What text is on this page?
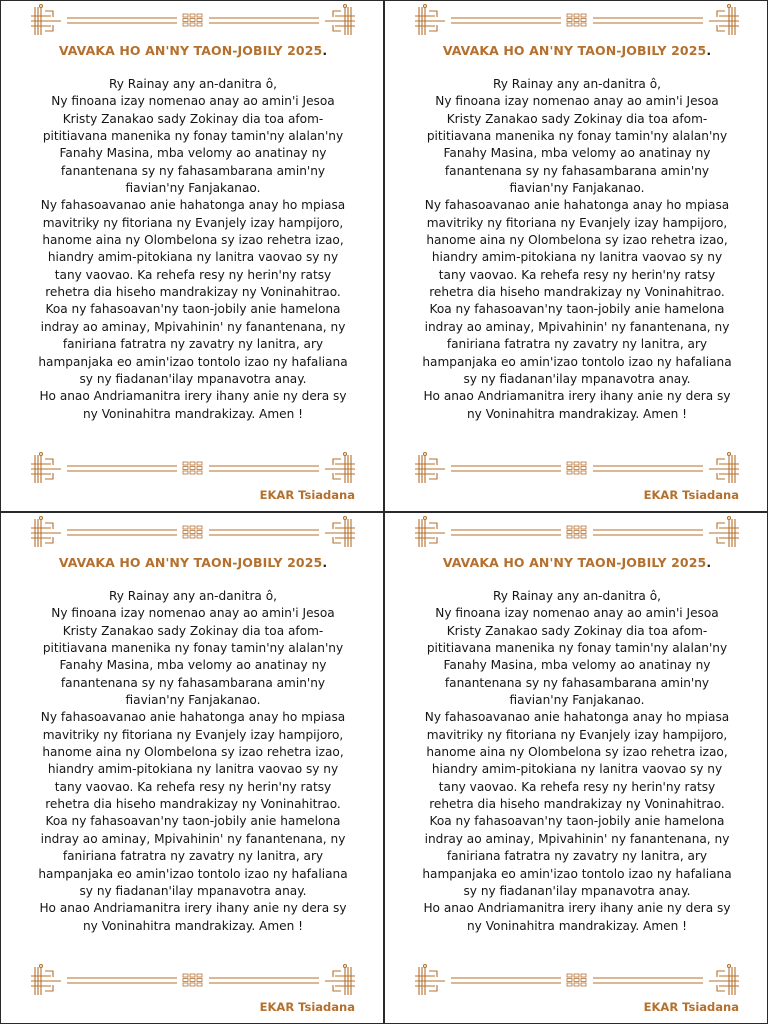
VAVAKA HO AN'NY TAON-JOBILY 2025.
Ry Rainay any an-danitra ô,
Ny finoana izay nomenao anay ao amin'i Jesoa
Kristy Zanakao sady Zokinay dia toa afom-
pititiavana manenika ny fonay tamin'ny alalan'ny
Fanahy Masina, mba velomy ao anatinay ny
fanantenana sy ny fahasambarana amin'ny
fiavian'ny Fanjakanao.
Ny fahasoavanao anie hahatonga anay ho mpiasa
mavitriky ny fitoriana ny Evanjely izay hampijoro,
hanome aina ny Olombelona sy izao rehetra izao,
hiandry amim-pitokiana ny lanitra vaovao sy ny
tany vaovao. Ka rehefa resy ny herin'ny ratsy
rehetra dia hiseho mandrakizay ny Voninahitrao.
Koa ny fahasoavan'ny taon-jobily anie hamelona
indray ao aminay, Mpivahinin' ny fanantenana, ny
faniriana fatratra ny zavatry ny lanitra, ary
hampanjaka eo amin'izao tontolo izao ny hafaliana
sy ny fiadanan'ilay mpanavotra anay.
Ho anao Andriamanitra irery ihany anie ny dera sy
ny Voninahitra mandrakizay. Amen !
EKAR Tsiadana
VAVAKA HO AN'NY TAON-JOBILY 2025.
Ry Rainay any an-danitra ô,
Ny finoana izay nomenao anay ao amin'i Jesoa
Kristy Zanakao sady Zokinay dia toa afom-
pititiavana manenika ny fonay tamin'ny alalan'ny
Fanahy Masina, mba velomy ao anatinay ny
fanantenana sy ny fahasambarana amin'ny
fiavian'ny Fanjakanao.
Ny fahasoavanao anie hahatonga anay ho mpiasa
mavitriky ny fitoriana ny Evanjely izay hampijoro,
hanome aina ny Olombelona sy izao rehetra izao,
hiandry amim-pitokiana ny lanitra vaovao sy ny
tany vaovao. Ka rehefa resy ny herin'ny ratsy
rehetra dia hiseho mandrakizay ny Voninahitrao.
Koa ny fahasoavan'ny taon-jobily anie hamelona
indray ao aminay, Mpivahinin' ny fanantenana, ny
faniriana fatratra ny zavatry ny lanitra, ary
hampanjaka eo amin'izao tontolo izao ny hafaliana
sy ny fiadanan'ilay mpanavotra anay.
Ho anao Andriamanitra irery ihany anie ny dera sy
ny Voninahitra mandrakizay. Amen !
EKAR Tsiadana
VAVAKA HO AN'NY TAON-JOBILY 2025.
Ry Rainay any an-danitra ô,
Ny finoana izay nomenao anay ao amin'i Jesoa
Kristy Zanakao sady Zokinay dia toa afom-
pititiavana manenika ny fonay tamin'ny alalan'ny
Fanahy Masina, mba velomy ao anatinay ny
fanantenana sy ny fahasambarana amin'ny
fiavian'ny Fanjakanao.
Ny fahasoavanao anie hahatonga anay ho mpiasa
mavitriky ny fitoriana ny Evanjely izay hampijoro,
hanome aina ny Olombelona sy izao rehetra izao,
hiandry amim-pitokiana ny lanitra vaovao sy ny
tany vaovao. Ka rehefa resy ny herin'ny ratsy
rehetra dia hiseho mandrakizay ny Voninahitrao.
Koa ny fahasoavan'ny taon-jobily anie hamelona
indray ao aminay, Mpivahinin' ny fanantenana, ny
faniriana fatratra ny zavatry ny lanitra, ary
hampanjaka eo amin'izao tontolo izao ny hafaliana
sy ny fiadanan'ilay mpanavotra anay.
Ho anao Andriamanitra irery ihany anie ny dera sy
ny Voninahitra mandrakizay. Amen !
EKAR Tsiadana
VAVAKA HO AN'NY TAON-JOBILY 2025.
Ry Rainay any an-danitra ô,
Ny finoana izay nomenao anay ao amin'i Jesoa
Kristy Zanakao sady Zokinay dia toa afom-
pititiavana manenika ny fonay tamin'ny alalan'ny
Fanahy Masina, mba velomy ao anatinay ny
fanantenana sy ny fahasambarana amin'ny
fiavian'ny Fanjakanao.
Ny fahasoavanao anie hahatonga anay ho mpiasa
mavitriky ny fitoriana ny Evanjely izay hampijoro,
hanome aina ny Olombelona sy izao rehetra izao,
hiandry amim-pitokiana ny lanitra vaovao sy ny
tany vaovao. Ka rehefa resy ny herin'ny ratsy
rehetra dia hiseho mandrakizay ny Voninahitrao.
Koa ny fahasoavan'ny taon-jobily anie hamelona
indray ao aminay, Mpivahinin' ny fanantenana, ny
faniriana fatratra ny zavatry ny lanitra, ary
hampanjaka eo amin'izao tontolo izao ny hafaliana
sy ny fiadanan'ilay mpanavotra anay.
Ho anao Andriamanitra irery ihany anie ny dera sy
ny Voninahitra mandrakizay. Amen !
EKAR Tsiadana
